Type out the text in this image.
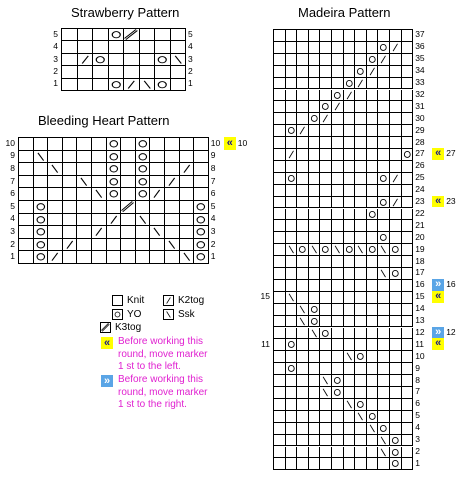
Strawberry Pattern
Bleeding Heart Pattern
Madeira Pattern
5
5
4
4
3
3
2
2
1
1
10
10	« 10
9
9
8
8
7
7
6
6
5
5
4
4
3
3
2
2
1
1
37
36
35
34
33
32
31
30
29
28
27 « 27
26
25
24
23 « 23
22
21
20
19
18
17
16 » 16
15
15	«
14
13
12 » 12
11
11	«
10
9
8
7
6
5
4
3
2
1
Knit
YO
K3tog
K2tog
Ssk
« Before working this
round, move marker
1 st to the left.
» Before working this
round, move marker
1 st to the right.
